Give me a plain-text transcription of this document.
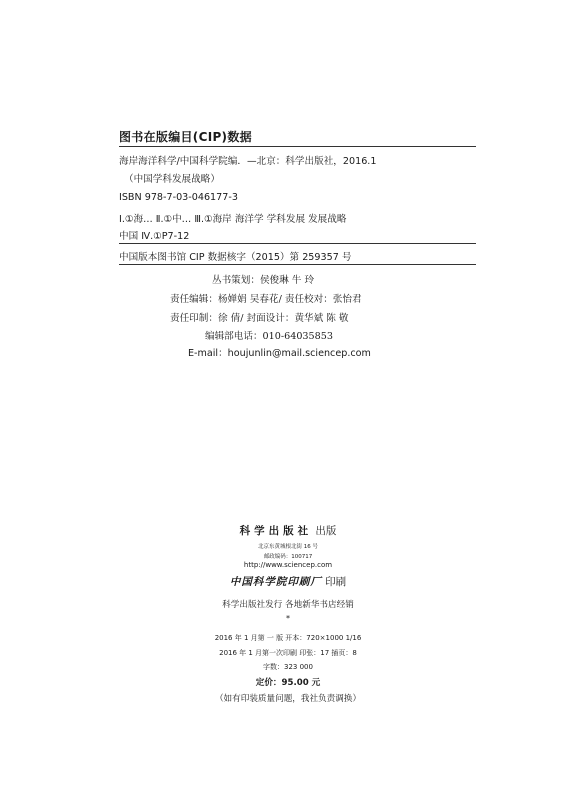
图书在版编目(CIP)数据
海岸海洋科学/中国科学院编．—北京：科学出版社，2016.1
（中国学科发展战略）
ISBN 978-7-03-046177-3
Ⅰ.①海… Ⅱ.①中… Ⅲ.①海岸 海洋学 学科发展 发展战略
中国 Ⅳ.①P7-12
中国版本图书馆 CIP 数据核字（2015）第 259357 号
丛书策划：侯俊琳 牛 玲
责任编辑：杨婵娟 吴春花/ 责任校对：张怡君
责任印制：徐 倩/ 封面设计：黄华斌 陈 敬
编辑部电话：010-64035853
E-mail：houjunlin@mail.sciencep.com
科学出版社 出版
北京东黄城根北街 16 号
邮政编码：100717
http://www.sciencep.com
中国科学院印刷厂 印刷
科学出版社发行 各地新华书店经销
*
2016 年 1 月第 一 版 开本：720×1000 1/16
2016 年 1 月第一次印刷 印张：17 插页：8
字数：323 000
定价：95.00 元
（如有印装质量问题，我社负责调换）
